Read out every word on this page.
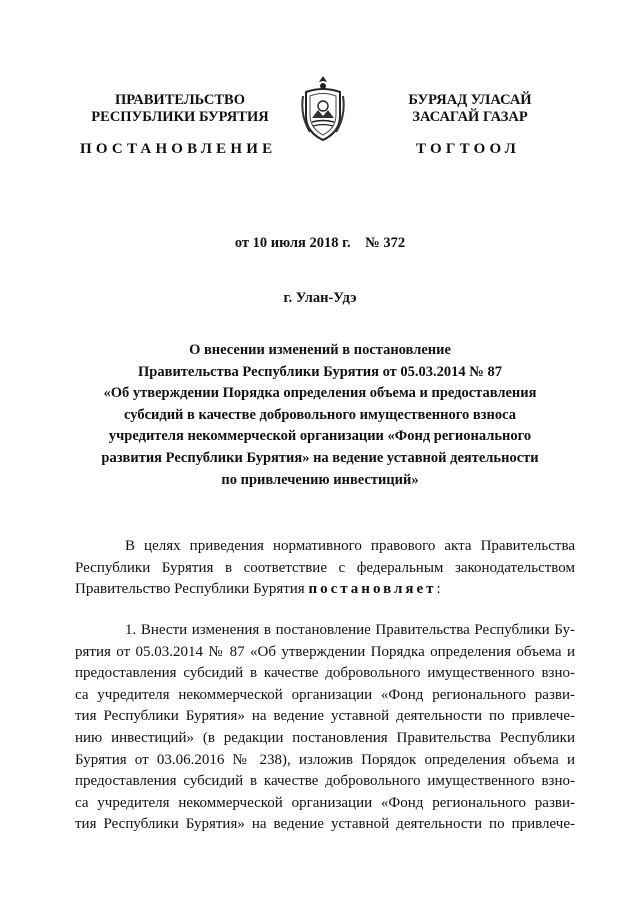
ПРАВИТЕЛЬСТВО
РЕСПУБЛИКИ БУРЯТИЯ
БУРЯАД УЛАСАЙ
ЗАСАГАЙ ГАЗАР
ПОСТАНОВЛЕНИЕ	ТОГТООЛ
от 10 июля 2018 г.    № 372
г. Улан-Удэ
О внесении изменений в постановление
Правительства Республики Бурятия от 05.03.2014 № 87
«Об утверждении Порядка определения объема и предоставления
субсидий в качестве добровольного имущественного взноса
учредителя некоммерческой организации «Фонд регионального
развития Республики Бурятия» на ведение уставной деятельности
по привлечению инвестиций»
В целях приведения нормативного правового акта Правительства
Республики Бурятия в соответствие с федеральным законодательством
Правительство Республики Бурятия постановляет:
1. Внести изменения в постановление Правительства Республики Бу-
рятия от 05.03.2014 № 87 «Об утверждении Порядка определения объема и
предоставления субсидий в качестве добровольного имущественного взно-
са учредителя некоммерческой организации «Фонд регионального разви-
тия Республики Бурятия» на ведение уставной деятельности по привлече-
нию инвестиций» (в редакции постановления Правительства Республики
Бурятия от 03.06.2016 № 238), изложив Порядок определения объема и
предоставления субсидий в качестве добровольного имущественного взно-
са учредителя некоммерческой организации «Фонд регионального разви-
тия Республики Бурятия» на ведение уставной деятельности по привлече-
